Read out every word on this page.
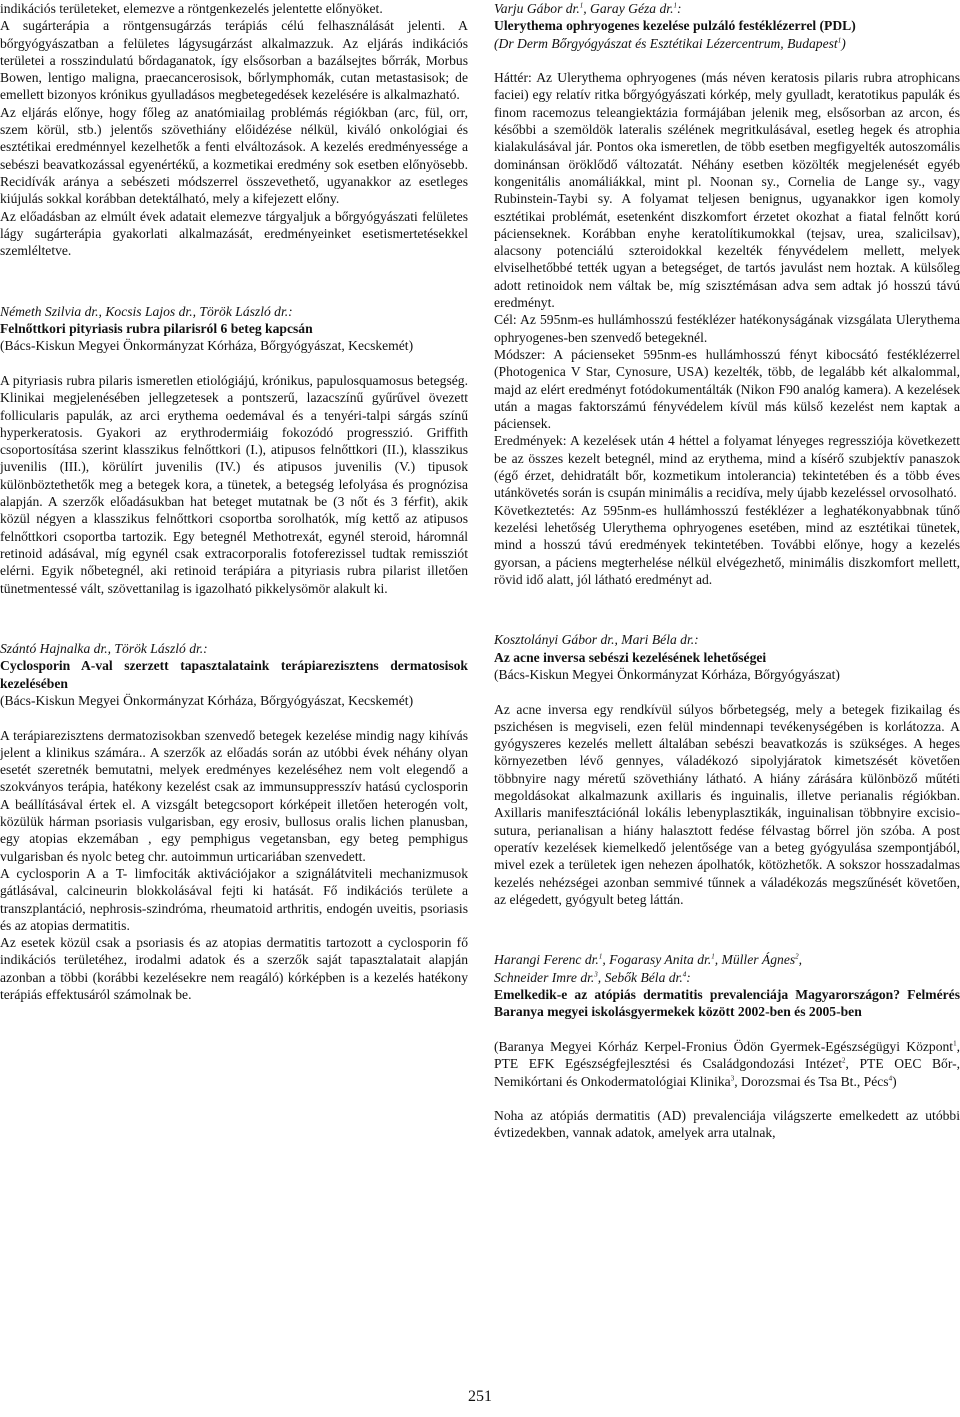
indikációs területeket, elemezve a röntgenkezelés jelentette előnyöket.

A sugárterápia a röntgensugárzás terápiás célú felhasználását jelenti. A bőrgyógyászatban a felületes lágysugárzást alkalmazzuk. Az eljárás indikációs területei a rosszindulatú bőrdaganatok, így elsősorban a bazálsejtes bőrrák, Morbus Bowen, lentigo maligna, praecancerosisok, bőrlymphomák, cutan metastasisok; de emellett bizonyos krónikus gyulladásos megbetegedések kezelésére is alkalmazható.

Az eljárás előnye, hogy főleg az anatómiailag problémás régiókban (arc, fül, orr, szem körül, stb.) jelentős szövethiány előidézése nélkül, kiváló onkológiai és esztétikai eredménnyel kezelhetők a fenti elváltozások. A kezelés eredményessége a sebészi beavatkozással egyenértékű, a kozmetikai eredmény sok esetben előnyösebb. Recidívák aránya a sebészeti módszerrel összevethető, ugyanakkor az esetleges kiújulás sokkal korábban detektálható, mely a kifejezett előny.

Az előadásban az elmúlt évek adatait elemezve tárgyaljuk a bőrgyógyászati felületes lágy sugárterápia gyakorlati alkalmazását, eredményeinket esetismertetésekkel szemléltetve.

Németh Szilvia dr., Kocsis Lajos dr., Török László dr.:

Felnőttkori pityriasis rubra pilarisról 6 beteg kapcsán

(Bács-Kiskun Megyei Önkormányzat Kórháza, Bőrgyógyászat, Kecskemét)

A pityriasis rubra pilaris ismeretlen etiológiájú, krónikus, papulosquamosus betegség. Klinikai megjelenésében jellegzetesek a pontszerű, lazacszínű gyűrűvel övezett follicularis papulák, az arci erythema oedemával és a tenyéri-talpi sárgás színű hyperkeratosis. Gyakori az erythrodermiáig fokozódó progresszió. Griffith csoportosítása szerint klasszikus felnőttkori (I.), atipusos felnőttkori (II.), klasszikus juvenilis (III.), körülírt juvenilis (IV.) és atipusos juvenilis (V.) tipusok különböztethetők meg a betegek kora, a tünetek, a betegség lefolyása és prognózisa alapján. A szerzők előadásukban hat beteget mutatnak be (3 nőt és 3 férfit), akik közül négyen a klasszikus felnőttkori csoportba sorolhatók, míg kettő az atipusos felnőttkori csoportba tartozik. Egy betegnél Methotrexát, egynél steroid, háromnál retinoid adásával, míg egynél csak extracorporalis fotoferezissel tudtak remissziót elérni. Egyik nőbetegnél, aki retinoid terápiára a pityriasis rubra pilarist illetően tünetmentessé vált, szövettanilag is igazolható pikkelysömör alakult ki.

Szántó Hajnalka dr., Török László dr.:

Cyclosporin A-val szerzett tapasztalataink terápiarezisztens dermatosisok kezelésében

(Bács-Kiskun Megyei Önkormányzat Kórháza, Bőrgyógyászat, Kecskemét)

A terápiarezisztens dermatozisokban szenvedő betegek kezelése mindig nagy kihívás jelent a klinikus számára.. A szerzők az előadás során az utóbbi évek néhány olyan esetét szeretnék bemutatni, melyek eredményes kezeléséhez nem volt elegendő a szokványos terápia, hatékony kezelést csak az immunsuppresszív hatású cyclosporin A beállításával értek el. A vizsgált betegcsoport kórképeit illetően heterogén volt, közülük hárman psoriasis vulgarisban, egy erosiv, bullosus oralis lichen planusban, egy atopias ekzemában , egy pemphigus vegetansban, egy beteg pemphigus vulgarisban és nyolc beteg chr. autoimmun urticariában szenvedett.

A cyclosporin A a T- limfociták aktivációjakor a szignálátviteli mechanizmusok gátlásával, calcineurin blokkolásával fejti ki hatását. Fő indikációs területe a transzplantáció, nephrosis-szindróma, rheumatoid arthritis, endogén uveitis, psoriasis és az atopias dermatitis.

Az esetek közül csak a psoriasis és az atopias dermatitis tartozott a cyclosporin fő indikációs területéhez, irodalmi adatok és a szerzők saját tapasztalatait alapján azonban a többi (korábbi kezelésekre nem reagáló) kórképben is a kezelés hatékony terápiás effektusáról számolnak be.

Varju Gábor dr.$^1$, Garay Géza dr.$^1$:

Ulerythema ophryogenes kezelése pulzáló festéklézerrel (PDL)

(Dr Derm Bőrgyógyászat és Esztétikai Lézercentrum, Budapest$^1$)

Háttér: Az Ulerythema ophryogenes (más néven keratosis pilaris rubra atrophicans faciei) egy relatív ritka bőrgyógyászati kórkép, mely gyulladt, keratotikus papulák és finom racemozus teleangiektázia formájában jelenik meg, elsősorban az arcon, és későbbi a szemöldök lateralis szélének megritkulásával, esetleg hegek és atrophia kialakulásával jár. Pontos oka ismeretlen, de több esetben megfigyelték autoszomális dominánsan öröklődő változatát. Néhány esetben közölték megjelenését egyéb kongenitális anomáliákkal, mint pl. Noonan sy., Cornelia de Lange sy., vagy Rubinstein-Taybi sy. A folyamat teljesen benignus, ugyanakkor igen komoly esztétikai problémát, esetenként diszkomfort érzetet okozhat a fiatal felnőtt korú pácienseknek. Korábban enyhe keratolítikumokkal (tejsav, urea, szalicilsav), alacsony potenciálú szteroidokkal kezelték fényvédelem mellett, melyek elviselhetőbbé tették ugyan a betegséget, de tartós javulást nem hoztak. A külsőleg adott retinoidok nem váltak be, míg szisztémásan adva sem adtak jó hosszú távú eredményt.

Cél: Az 595nm-es hullámhosszú festéklézer hatékonyságának vizsgálata Ulerythema ophryogenes-ben szenvedő betegeknél.

Módszer: A pácienseket 595nm-es hullámhosszú fényt kibocsátó festéklézerrel (Photogenica V Star, Cynosure, USA) kezelték, több, de legalább két alkalommal, majd az elért eredményt fotódokumentálták (Nikon F90 analóg kamera). A kezelések után a magas faktorszámú fényvédelem kívül más külső kezelést nem kaptak a páciensek.

Eredmények: A kezelések után 4 héttel a folyamat lényeges regressziója következett be az összes kezelt betegnél, mind az erythema, mind a kísérő szubjektív panaszok (égő érzet, dehidratált bőr, kozmetikum intolerancia) tekintetében és a több éves utánkövetés során is csupán minimális a recidíva, mely újabb kezeléssel orvosolható.

Következtetés: Az 595nm-es hullámhosszú festéklézer a leghatékonyabbnak tűnő kezelési lehetőség Ulerythema ophryogenes esetében, mind az esztétikai tünetek, mind a hosszú távú eredmények tekintetében. További előnye, hogy a kezelés gyorsan, a páciens megterhelése nélkül elvégezhető, minimális diszkomfort mellett, rövid idő alatt, jól látható eredményt ad.

Kosztolányi Gábor dr., Mari Béla dr.:

Az acne inversa sebészi kezelésének lehetőségei

(Bács-Kiskun Megyei Önkormányzat Kórháza, Bőrgyógyászat)

Az acne inversa egy rendkívül súlyos bőrbetegség, mely a betegek fizikailag és pszichésen is megviseli, ezen felül mindennapi tevékenységében is korlátozza. A gyógyszeres kezelés mellett általában sebészi beavatkozás is szükséges. A heges környezetben lévő gennyes, váladékozó sipolyjáratok kimetszését követően többnyire nagy méretű szövethiány látható. A hiány zárására különböző műtéti megoldásokat alkalmazunk axillaris és inguinalis, illetve perianalis régiókban. Axillaris manifesztációnál lokális lebenyplasztikák, inguinalisan többnyire excisio-sutura, perianalisan a hiány halasztott fedése félvastag bőrrel jön szóba. A post operatív kezelések kiemelkedő jelentősége van a beteg gyógyulása szempontjából, mivel ezek a területek igen nehezen ápolhatók, kötözhetők. A sokszor hosszadalmas kezelés nehézségei azonban semmivé tűnnek a váladékozás megszűnését követően, az elégedett, gyógyult beteg láttán.

Harangi Ferenc dr.$^1$, Fogarasy Anita dr.$^1$, Müller Ágnes$^2$,
Schneider Imre dr.$^3$, Sebők Béla dr.$^4$:

Emelkedik-e az atópiás dermatitis prevalenciája Magyarországon? Felmérés Baranya megyei iskolásgyermekek között 2002-ben és 2005-ben

(Baranya Megyei Kórház Kerpel-Fronius Ödön Gyermek-Egészségügyi Központ$^1$, PTE EFK Egészségfejlesztési és Családgondozási Intézet$^2$, PTE OEC Bőr-, Nemikórtani és Onkodermatológiai Klinika$^3$, Dorozsmai és Tsa Bt., Pécs$^4$)

Noha az atópiás dermatitis (AD) prevalenciája világszerte emelkedett az utóbbi évtizedekben, vannak adatok, amelyek arra utalnak,

251
